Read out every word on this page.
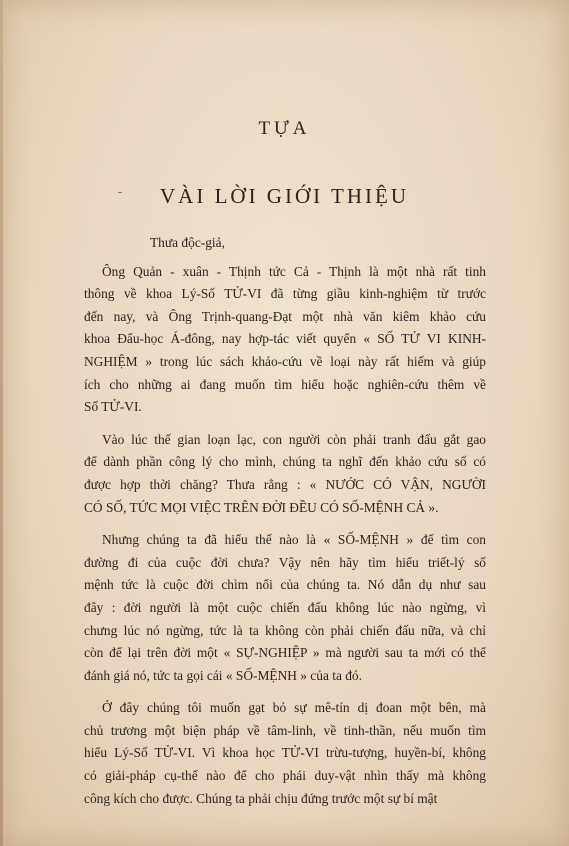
TỰA
VÀI LỜI GIỚI THIỆU
Thưa độc-giả,
Ông Quản - xuân - Thịnh tức Cả - Thịnh là một nhà rất tinh
thông về khoa Lý-Số TỬ-VI đã từng giầu kinh-nghiệm từ trước
đến nay, và Ông Trịnh-quang-Đạt một nhà văn kiêm khảo cứu
khoa Đẩu-học Á-đông, nay hợp-tác viết quyển « SỐ TỬ VI KINH-
NGHIỆM » trong lúc sách khảo-cứu về loại này rất hiếm và giúp
ích cho những ai đang muốn tìm hiểu hoặc nghiên-cứu thêm về
Số TỬ-VI.
Vào lúc thế gian loạn lạc, con người còn phải tranh đấu gắt gao
để dành phần công lý cho mình, chúng ta nghĩ đến khảo cứu số có
được hợp thời chăng? Thưa rằng : « NƯỚC CÓ VẬN, NGƯỜI
CÓ SỐ, TỨC MỌI VIỆC TRÊN ĐỜI ĐỀU CÓ SỐ-MỆNH CẢ ».
Nhưng chúng ta đã hiểu thế nào là « SỐ-MỆNH » để tìm con
đường đi của cuộc đời chưa? Vậy nên hãy tìm hiểu triết-lý số
mệnh tức là cuộc đời chìm nổi của chúng ta. Nó dẫn dụ như sau
đây : đời người là một cuộc chiến đấu không lúc nào ngừng, vì
chưng lúc nó ngừng, tức là ta không còn phải chiến đấu nữa, và chỉ
còn để lại trên đời một « SỰ-NGHIỆP » mà người sau ta mới có thể
đánh giá nó, tức ta gọi cái « SỐ-MỆNH » của ta đó.
Ở đây chúng tôi muốn gạt bỏ sự mê-tín dị đoan một bên, mà
chủ trương một biện pháp về tâm-linh, về tinh-thần, nếu muốn tìm
hiểu Lý-Số TỬ-VI. Vì khoa học TỬ-VI trừu-tượng, huyền-bí, không
có giải-pháp cụ-thể nào để cho phái duy-vật nhìn thấy mà không
công kích cho được. Chúng ta phải chịu đứng trước một sự bí mật
